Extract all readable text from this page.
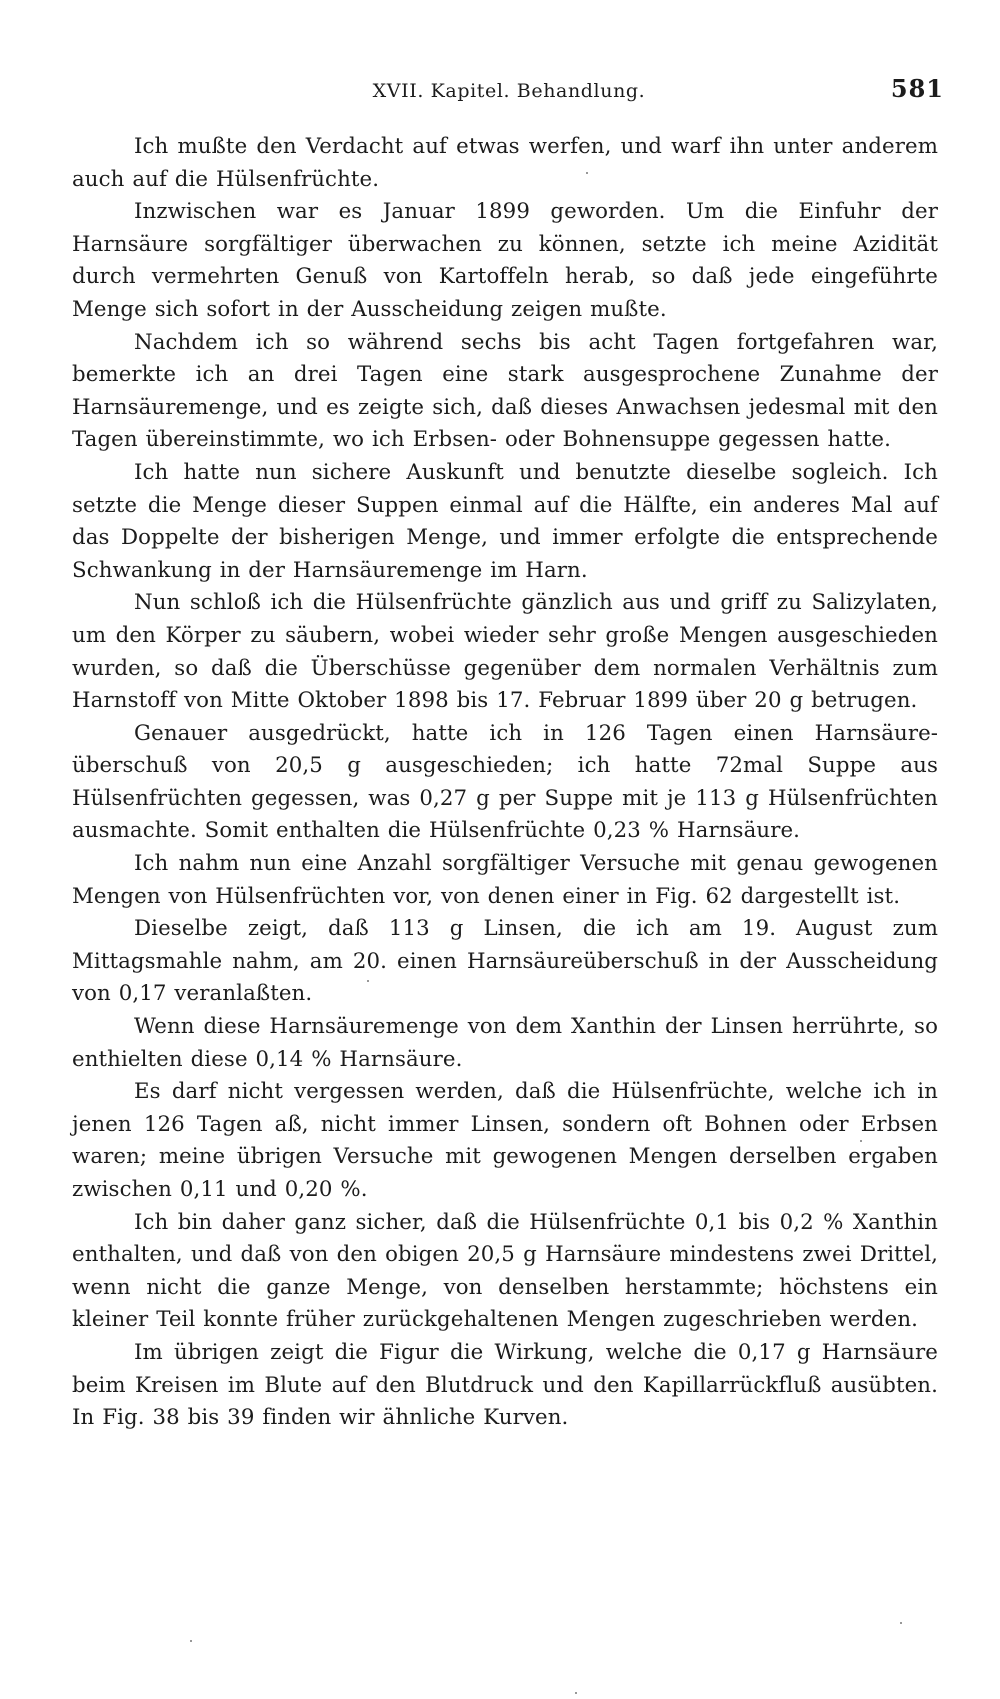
XVII. Kapitel. Behandlung.	581

Ich mußte den Verdacht auf etwas werfen, und warf ihn unter anderem auch auf die Hülsenfrüchte.

Inzwischen war es Januar 1899 geworden. Um die Einfuhr der Harnsäure sorgfältiger überwachen zu können, setzte ich meine Azidität durch vermehrten Genuß von Kartoffeln herab, so daß jede eingeführte Menge sich sofort in der Ausscheidung zeigen mußte.

Nachdem ich so während sechs bis acht Tagen fortgefahren war, bemerkte ich an drei Tagen eine stark ausgesprochene Zunahme der Harnsäuremenge, und es zeigte sich, daß dieses Anwachsen jedesmal mit den Tagen übereinstimmte, wo ich Erbsen- oder Bohnensuppe gegessen hatte.

Ich hatte nun sichere Auskunft und benutzte dieselbe sogleich. Ich setzte die Menge dieser Suppen einmal auf die Hälfte, ein anderes Mal auf das Doppelte der bisherigen Menge, und immer erfolgte die entsprechende Schwankung in der Harnsäuremenge im Harn.

Nun schloß ich die Hülsenfrüchte gänzlich aus und griff zu Salizylaten, um den Körper zu säubern, wobei wieder sehr große Mengen ausgeschieden wurden, so daß die Überschüsse gegenüber dem normalen Verhältnis zum Harnstoff von Mitte Oktober 1898 bis 17. Februar 1899 über 20 g betrugen.

Genauer ausgedrückt, hatte ich in 126 Tagen einen Harnsäureüberschuß von 20,5 g ausgeschieden; ich hatte 72mal Suppe aus Hülsenfrüchten gegessen, was 0,27 g per Suppe mit je 113 g Hülsenfrüchten ausmachte. Somit enthalten die Hülsenfrüchte 0,23 % Harnsäure.

Ich nahm nun eine Anzahl sorgfältiger Versuche mit genau gewogenen Mengen von Hülsenfrüchten vor, von denen einer in Fig. 62 dargestellt ist.

Dieselbe zeigt, daß 113 g Linsen, die ich am 19. August zum Mittagsmahle nahm, am 20. einen Harnsäureüberschuß in der Ausscheidung von 0,17 veranlaßten.

Wenn diese Harnsäuremenge von dem Xanthin der Linsen herrührte, so enthielten diese 0,14 % Harnsäure.

Es darf nicht vergessen werden, daß die Hülsenfrüchte, welche ich in jenen 126 Tagen aß, nicht immer Linsen, sondern oft Bohnen oder Erbsen waren; meine übrigen Versuche mit gewogenen Mengen derselben ergaben zwischen 0,11 und 0,20 %.

Ich bin daher ganz sicher, daß die Hülsenfrüchte 0,1 bis 0,2 % Xanthin enthalten, und daß von den obigen 20,5 g Harnsäure mindestens zwei Drittel, wenn nicht die ganze Menge, von denselben herstammte; höchstens ein kleiner Teil konnte früher zurückgehaltenen Mengen zugeschrieben werden.

Im übrigen zeigt die Figur die Wirkung, welche die 0,17 g Harnsäure beim Kreisen im Blute auf den Blutdruck und den Kapillarrückfluß ausübten. In Fig. 38 bis 39 finden wir ähnliche Kurven.
